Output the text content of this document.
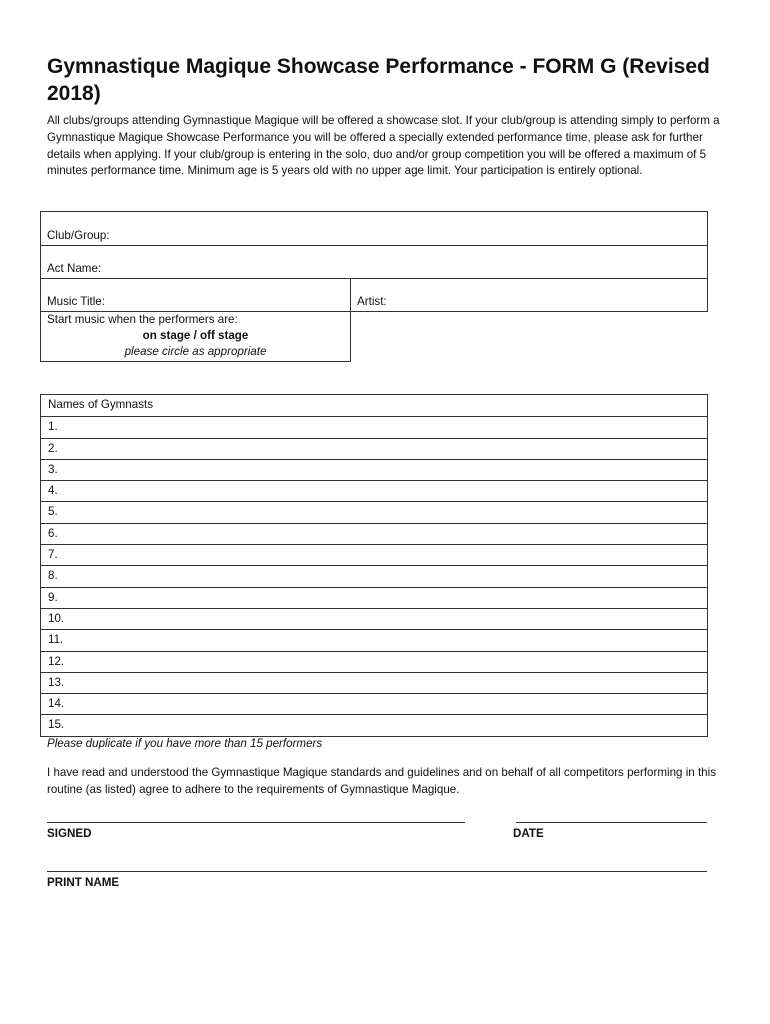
Gymnastique Magique Showcase Performance - FORM G (Revised 2018)
All clubs/groups attending Gymnastique Magique will be offered a showcase slot. If your club/group is attending simply to perform a Gymnastique Magique Showcase Performance you will be offered a specially extended performance time, please ask for further details when applying. If your club/group is entering in the solo, duo and/or group competition you will be offered a maximum of 5 minutes performance time. Minimum age is 5 years old with no upper age limit. Your participation is entirely optional.
Club/Group:
Act Name:
Music Title:	Artist:
Start music when the performers are:
on stage / off stage
please circle as appropriate
Names of Gymnasts
1.
2.
3.
4.
5.
6.
7.
8.
9.
10.
11.
12.
13.
14.
15.
Please duplicate if you have more than 15 performers
I have read and understood the Gymnastique Magique standards and guidelines and on behalf of all competitors performing in this routine (as listed) agree to adhere to the requirements of Gymnastique Magique.
SIGNED	DATE
PRINT NAME
